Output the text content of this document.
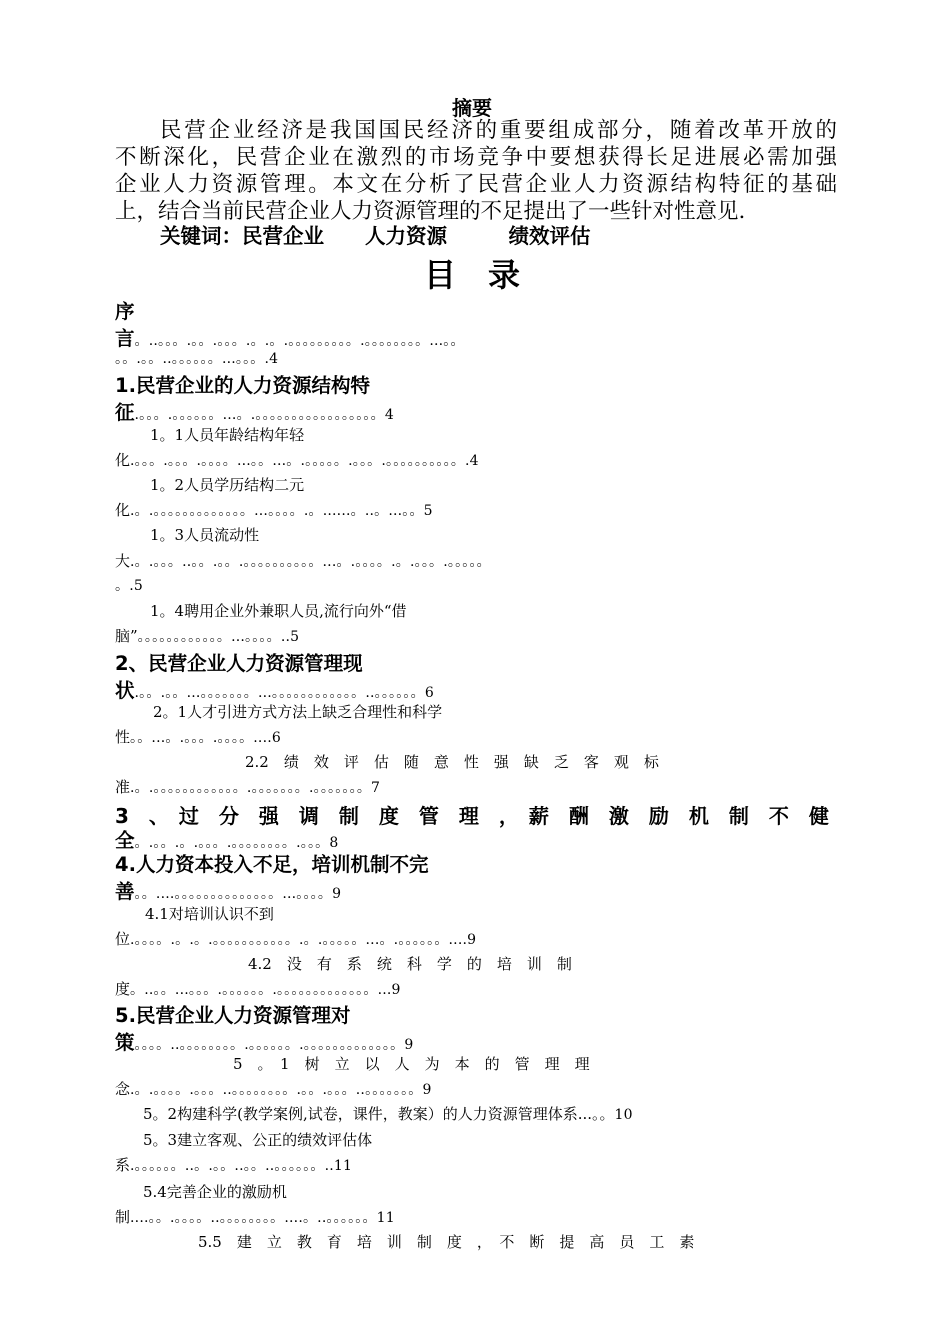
摘要
民营企业经济是我国国民经济的重要组成部分，随着改革开放的
不断深化，民营企业在激烈的市场竞争中要想获得长足进展必需加强
企业人力资源管理。本文在分析了民营企业人力资源结构特征的基础
上，结合当前民营企业人力资源管理的不足提出了一些针对性意见.
关键词：民营企业　　人力资源　　　绩效评估
目　录
序
言。..。。。.。。.。。。.。.。.。。。。。。。。。.。。。。。。。。...。。
。。.。。..。。。。。。...。。。.4
1.民营企业的人力资源结构特
征.。。。.。。。。。。...。.。。。。。。。。。。。。。。。。。4
1。1人员年龄结构年轻
化.。。。.。。。.。。。。...。。...。.。。。。。.。。。.。。。。。。。。。。.4
1。2人员学历结构二元
化.。.。。。。。。。。。。。。。...。。。。.。......。..。...。。5
1。3人员流动性
大.。.。。。..。。.。。.。。。。。。。。。。...。.。。。。.。.。。。.。。。。。
。.5
1。4聘用企业外兼职人员,流行向外“借
脑”。。。。。。。。。。。。...。。。。..5
2、民营企业人力资源管理现
状.。。.。。...。。。。。。。...。。。。。。。。。。。。..。。。。。。6
2。1人才引进方式方法上缺乏合理性和科学
性。。...。.。。。.。。。。....6
2.2　绩　效　评　估　随　意　性　强　缺　乏　客　观　标
准.。.。。。。。。。。。。。。.。。。。。。。.。。。。。。。7
3　、　过　分　强　调　制　度　管　理　，　薪　酬　激　励　机　制　不　健
全。.。。.。.。。。.。。。。。。。。.。。。8
4.人力资本投入不足，培训机制不完
善。。....。。。。。。。。。。。。。。...。。。。9
4.1对培训认识不到
位.。。。。.。.。.。。。。。。。。。。。.。.。。。。。...。.。。。。。。....9
4.2　没　有　系　统　科　学　的　培　训　制
度。..。。...。。。.。。。。。。.。。。。。。。。。。。。。...9
5.民营企业人力资源管理对
策。。。。..。。。。。。。。.。。。。。。.。。。。。。。。。。。。。9
5　。　1　树　立　以　人　为　本　的　管　理　理
念.。.。。。。.。。。..。。。。。。。。.。。.。。。..。。。。。。。9
5。2构建科学(教学案例,试卷，课件，教案）的人力资源管理体系...。。10
5。3建立客观、公正的绩效评估体
系.。。。。。。..。.。。..。。..。。。。。。..11
5.4完善企业的激励机
制....。。.。。。。..。。。。。。。。....。..。。。。。。11
5.5　建　立　教　育　培　训　制　度　，　不　断　提　高　员　工　素
